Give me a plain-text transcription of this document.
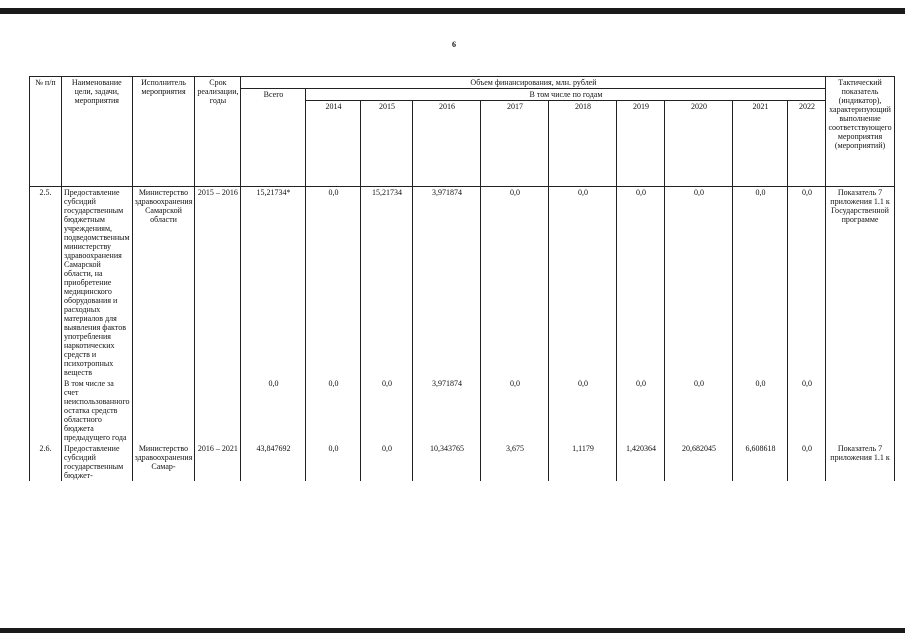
6
№ п/п	Наименование цели, задачи, мероприятия	Исполнитель мероприятия	Срок реализации, годы	Объем финансирования, млн. рублей										Тактический показатель (индикатор), характеризующий выполнение соответствующего мероприятия (мероприятий)
				Всего	В том числе по годам									
					2014	2015	2016	2017	2018	2019	2020	2021	2022	
2.5.	Предоставление субсидий государственным бюджетным учреждениям, подведомственным министерству здравоохранения Самарской области, на приобретение медицинского оборудования и расходных материалов для выявления фактов употребления наркотических средств и психотропных веществ	Министерство здравоохранения Самарской области	2015 – 2016	15,21734*	0,0	15,21734	3,971874	0,0	0,0	0,0	0,0	0,0	0,0	Показатель 7 приложения 1.1 к Государственной программе
	В том числе за счет неиспользованного остатка средств областного бюджета предыдущего года			0,0	0,0	0,0	3,971874	0,0	0,0	0,0	0,0	0,0	0,0	
2.6.	Предоставление субсидий государственным бюджет-	Министерство здравоохранения Самар-	2016 – 2021	43,847692	0,0	0,0	10,343765	3,675	1,1179	1,420364	20,682045	6,608618	0,0	Показатель 7 приложения 1.1 к
